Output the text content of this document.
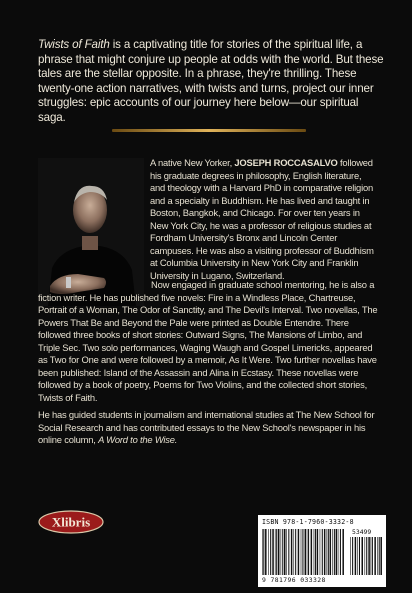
Twists of Faith is a captivating title for stories of the spiritual life, a phrase that might conjure up people at odds with the world. But these tales are the stellar opposite. In a phrase, they're thrilling. These twenty-one action narratives, with twists and turns, project our inner struggles: epic accounts of our journey here below—our spiritual saga.

A native New Yorker, JOSEPH ROCCASALVO followed his graduate degrees in philosophy, English literature, and theology with a Harvard PhD in comparative religion and a specialty in Buddhism. He has lived and taught in Boston, Bangkok, and Chicago. For over ten years in New York City, he was a professor of religious studies at Fordham University's Bronx and Lincoln Center campuses. He was also a visiting professor of Buddhism at Columbia University in New York City and Franklin University in Lugano, Switzerland.

Now engaged in graduate school mentoring, he is also a fiction writer. He has published five novels: Fire in a Windless Place, Chartreuse, Portrait of a Woman, The Odor of Sanctity, and The Devil's Interval. Two novellas, The Powers That Be and Beyond the Pale were printed as Double Entendre. There followed three books of short stories: Outward Signs, The Mansions of Limbo, and Triple Sec. Two solo performances, Waging Waugh and Gospel Limericks, appeared as Two for One and were followed by a memoir, As It Were. Two further novellas have been published: Island of the Assassin and Alina in Ecstasy. These novellas were followed by a book of poetry, Poems for Two Violins, and the collected short stories, Twists of Faith.

He has guided students in journalism and international studies at The New School for Social Research and has contributed essays to the New School's newspaper in his online column, A Word to the Wise.

Xlibris	ISBN 978-1-7960-3332-8
53499
9 781796 033328
